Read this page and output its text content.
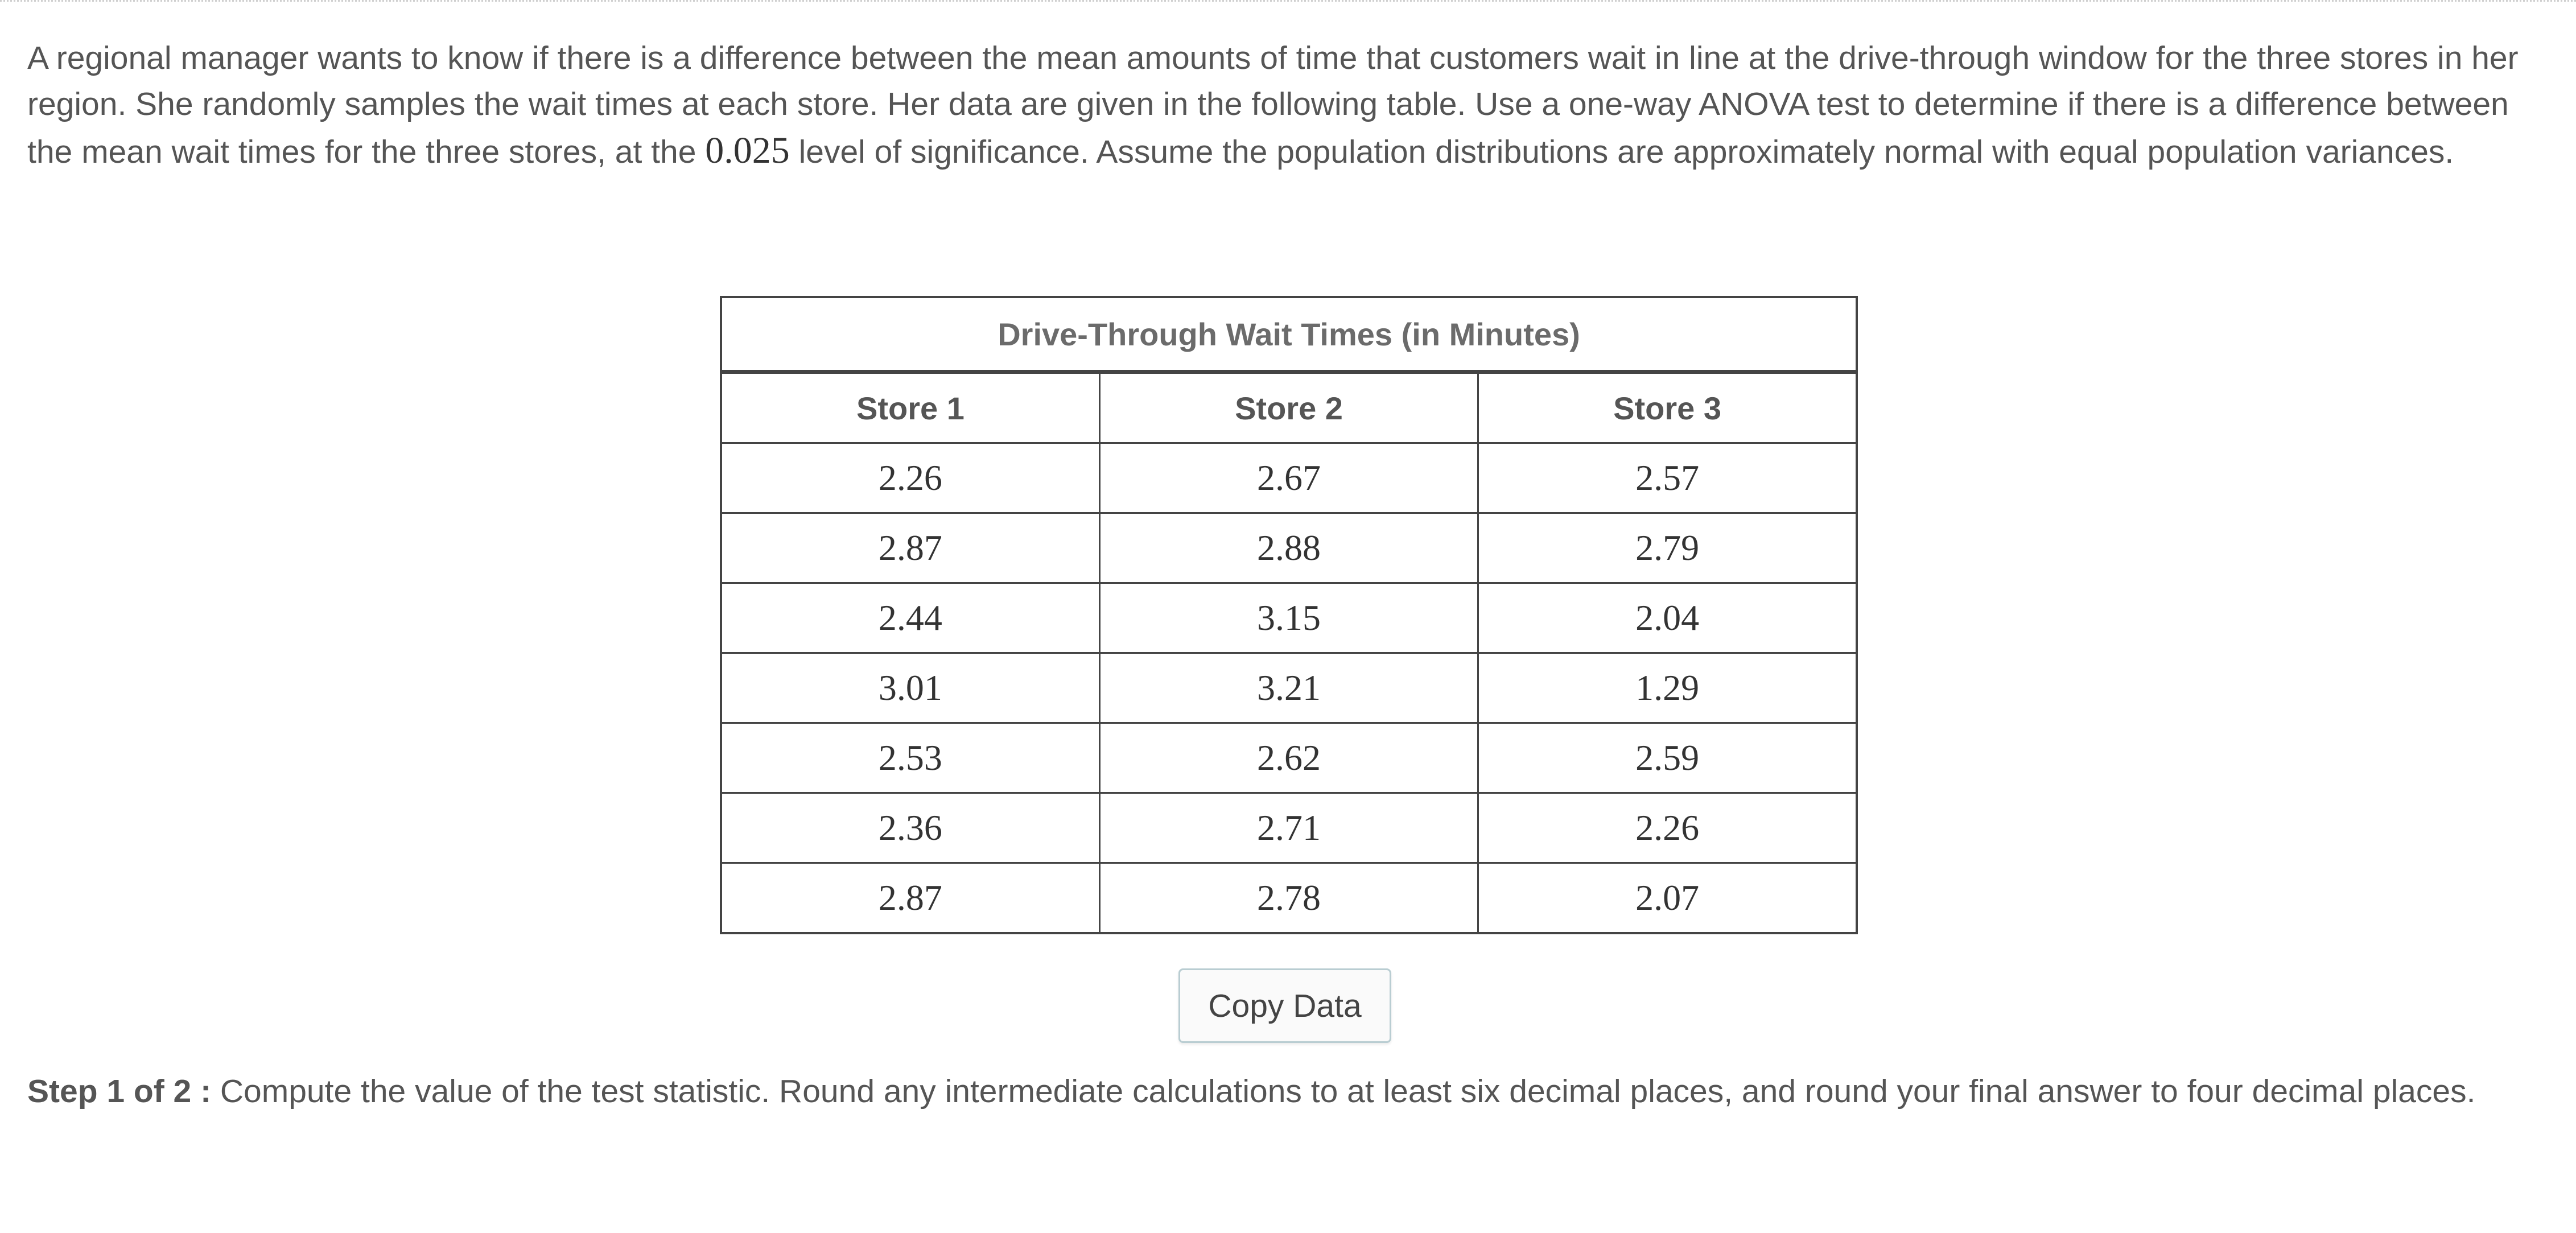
A regional manager wants to know if there is a difference between the mean amounts of time that customers wait in line at the drive-through window for the three stores in her region. She randomly samples the wait times at each store. Her data are given in the following table. Use a one-way ANOVA test to determine if there is a difference between the mean wait times for the three stores, at the 0.025 level of significance. Assume the population distributions are approximately normal with equal population variances.

Drive-Through Wait Times (in Minutes)		
Store 1	Store 2	Store 3
2.26	2.67	2.57
2.87	2.88	2.79
2.44	3.15	2.04
3.01	3.21	1.29
2.53	2.62	2.59
2.36	2.71	2.26
2.87	2.78	2.07
Copy Data

Step 1 of 2 : Compute the value of the test statistic. Round any intermediate calculations to at least six decimal places, and round your final answer to four decimal places.
